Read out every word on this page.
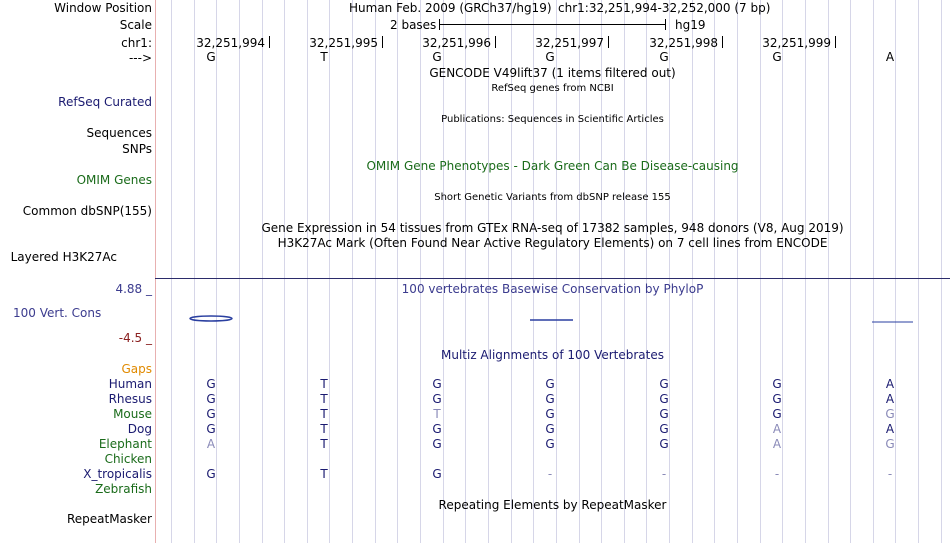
Window Position	Human Feb. 2009 (GRCh37/hg19) chr1:32,251,994-32,252,000 (7 bp)
Scale	2 bases	hg19
chr1:	32,251,994	32,251,995	32,251,996	32,251,997	32,251,998	32,251,999
--->	G	T	G	G	G	G	A
GENCODE V49lift37 (1 items filtered out)
RefSeq genes from NCBI
RefSeq Curated
Publications: Sequences in Scientific Articles
Sequences
SNPs
OMIM Gene Phenotypes - Dark Green Can Be Disease-causing
OMIM Genes
Short Genetic Variants from dbSNP release 155
Common dbSNP(155)
Gene Expression in 54 tissues from GTEx RNA-seq of 17382 samples, 948 donors (V8, Aug 2019)
H3K27Ac Mark (Often Found Near Active Regulatory Elements) on 7 cell lines from ENCODE
Layered H3K27Ac
4.88 _	100 vertebrates Basewise Conservation by PhyloP
100 Vert. Cons
-4.5 _
Multiz Alignments of 100 Vertebrates
Gaps
Human	G	T	G	G	G	G	A
Rhesus	G	T	G	G	G	G	A
Mouse	G	T	T	G	G	G	G
Dog	G	T	G	G	G	A	A
Elephant	A	T	G	G	G	A	G
Chicken
X_tropicalis	G	T	G	-	-	-	-
Zebrafish
Repeating Elements by RepeatMasker
RepeatMasker
